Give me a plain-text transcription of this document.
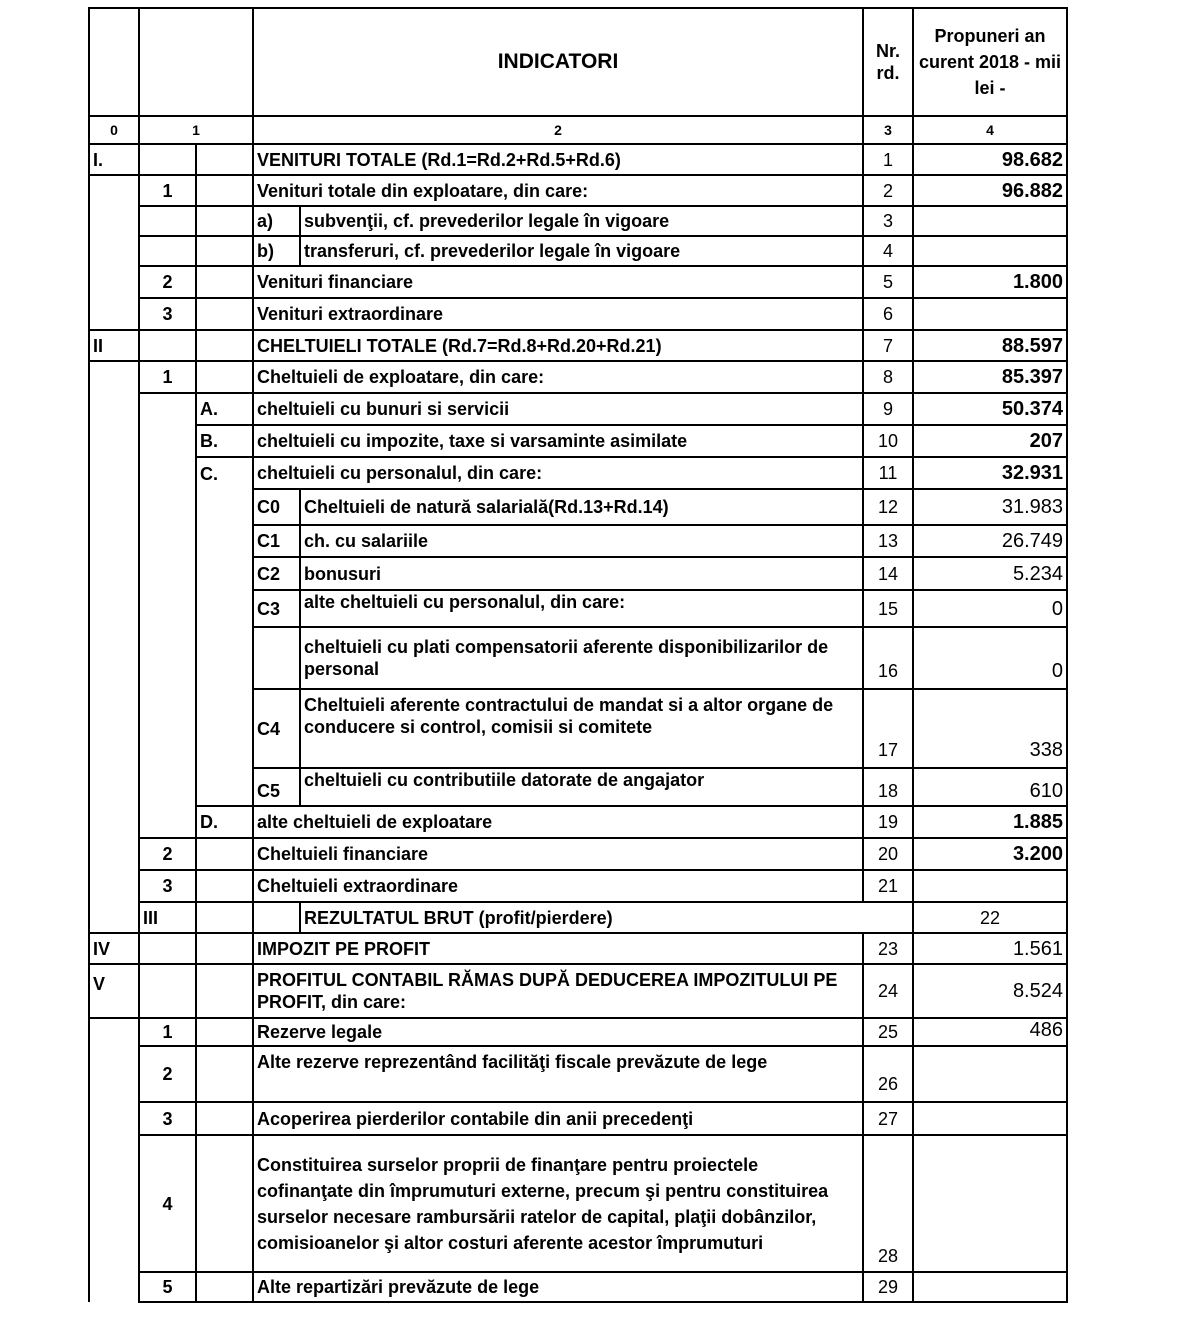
			INDICATORI		Nr. rd.	Propuneri an curent 2018 - mii lei -	
0	1		2		3	4	
I.			VENITURI TOTALE (Rd.1=Rd.2+Rd.5+Rd.6)		1	98.682	
	1		Venituri totale din exploatare, din care:		2	96.882	
			a)	subvenţii, cf. prevederilor legale în vigoare	3		
			b)	transferuri, cf. prevederilor legale în vigoare	4		
	2		Venituri financiare		5	1.800	
	3		Venituri extraordinare		6		
II			CHELTUIELI TOTALE (Rd.7=Rd.8+Rd.20+Rd.21)		7	88.597	
	1		Cheltuieli de exploatare, din care:		8	85.397	
		A.	cheltuieli cu bunuri si servicii		9	50.374	
		B.	cheltuieli cu impozite, taxe si varsaminte asimilate		10	207	
		C.	cheltuieli cu personalul, din care:		11	32.931	
			C0	Cheltuieli de natură salarială(Rd.13+Rd.14)	12	31.983	
			C1	ch. cu salariile	13	26.749	
			C2	bonusuri	14	5.234	
			C3	alte cheltuieli cu personalul, din care:	15	0	
				cheltuieli cu plati compensatorii aferente disponibilizarilor de personal	16	0	
			C4	Cheltuieli aferente contractului de mandat si a altor organe de conducere si control, comisii si comitete	17	338	
			C5	cheltuieli cu contributiile datorate de angajator	18	610	
		D.	alte cheltuieli de exploatare		19	1.885	
	2		Cheltuieli financiare		20	3.200	
	3		Cheltuieli extraordinare		21		
	III			REZULTATUL BRUT (profit/pierdere)		22	
IV			IMPOZIT PE PROFIT		23	1.561	
V			PROFITUL CONTABIL RĂMAS DUPĂ DEDUCEREA IMPOZITULUI PE PROFIT, din care:		24	8.524	
	1		Rezerve legale		25	486	
	2		Alte rezerve reprezentând facilităţi fiscale prevăzute de lege		26		
	3		Acoperirea pierderilor contabile din anii precedenţi		27		
	4		Constituirea surselor proprii de finanţare pentru proiectele cofinanţate din împrumuturi externe, precum şi pentru constituirea surselor necesare rambursării ratelor de capital, plaţii dobânzilor, comisioanelor şi altor costuri aferente acestor împrumuturi		28		
	5		Alte repartizări prevăzute de lege		29		
